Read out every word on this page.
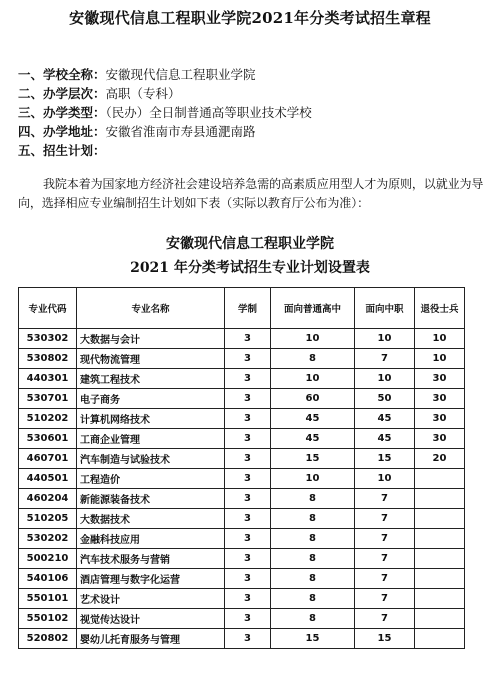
安徽现代信息工程职业学院2021年分类考试招生章程
一、学校全称：安徽现代信息工程职业学院
二、办学层次：高职（专科）
三、办学类型：（民办）全日制普通高等职业技术学校
四、办学地址：安徽省淮南市寿县通淝南路
五、招生计划：
我院本着为国家地方经济社会建设培养急需的高素质应用型人才为原则，以就业为导向，选择相应专业编制招生计划如下表（实际以教育厅公布为准）：
安徽现代信息工程职业学院
2021 年分类考试招生专业计划设置表
专业代码	专业名称	学制	面向普通高中	面向中职	退役士兵
530302	大数据与会计	3	10	10	10
530802	现代物流管理	3	8	7	10
440301	建筑工程技术	3	10	10	30
530701	电子商务	3	60	50	30
510202	计算机网络技术	3	45	45	30
530601	工商企业管理	3	45	45	30
460701	汽车制造与试验技术	3	15	15	20
440501	工程造价	3	10	10	
460204	新能源装备技术	3	8	7	
510205	大数据技术	3	8	7	
530202	金融科技应用	3	8	7	
500210	汽车技术服务与营销	3	8	7	
540106	酒店管理与数字化运营	3	8	7	
550101	艺术设计	3	8	7	
550102	视觉传达设计	3	8	7	
520802	婴幼儿托育服务与管理	3	15	15	
